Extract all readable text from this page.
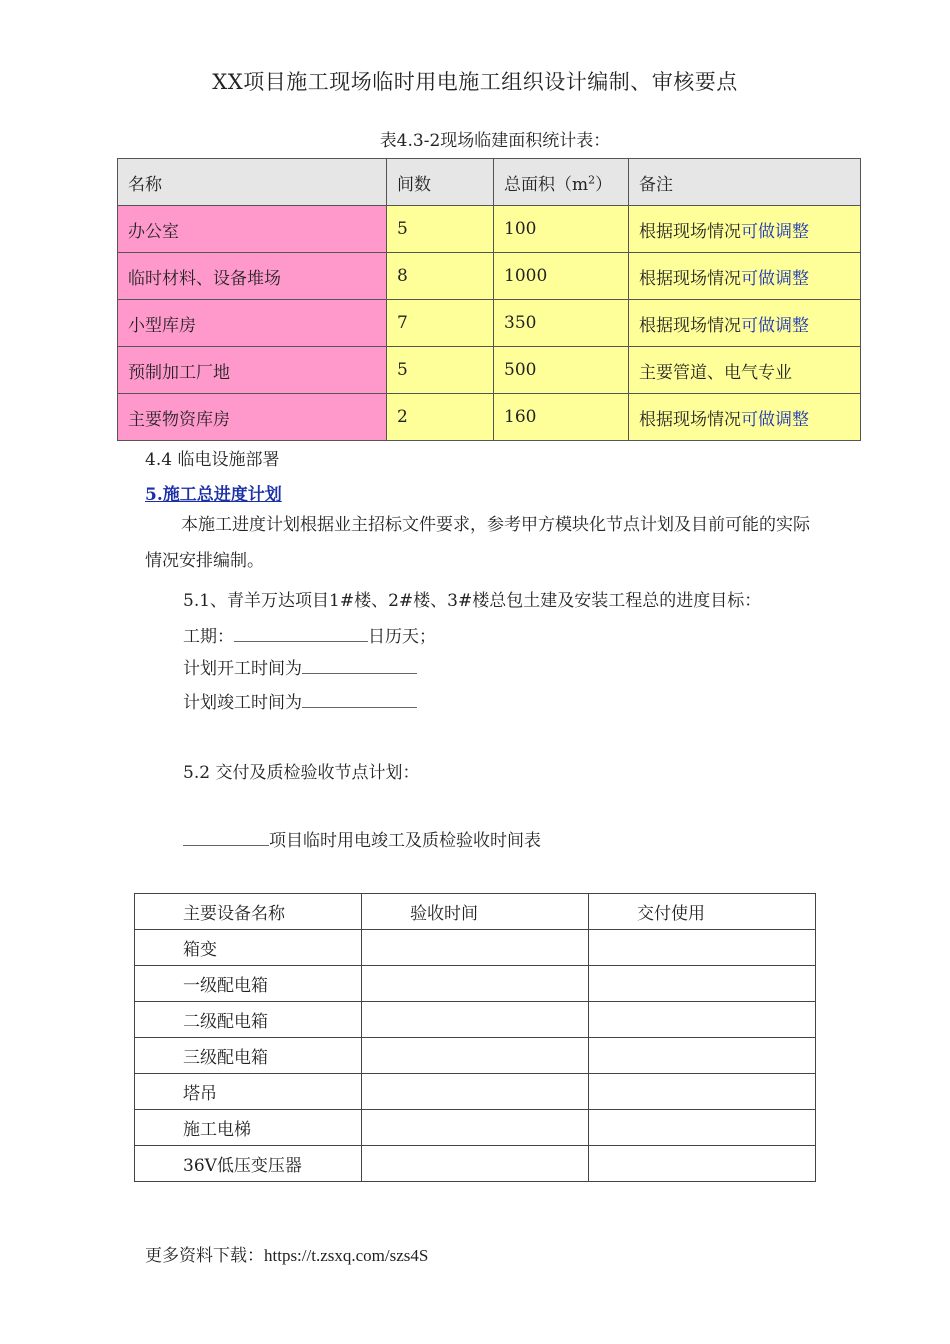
XX项目施工现场临时用电施工组织设计编制、审核要点
表4.3-2现场临建面积统计表：
名称	间数	总面积$(m^2)$	备注
办公室	5	100	根据现场情况可做调整
临时材料、设备堆场	8	1000	根据现场情况可做调整
小型库房	7	350	根据现场情况可做调整
预制加工厂地	5	500	主要管道、电气专业
主要物资库房	2	160	根据现场情况可做调整
4.4 临电设施部署
5.施工总进度计划
本施工进度计划根据业主招标文件要求，参考甲方模块化节点计划及目前可能的实际情况安排编制。
5.1、青羊万达项目1#楼、2#楼、3#楼总包土建及安装工程总的进度目标：
工期：	日历天；
计划开工时间为
计划竣工时间为
5.2 交付及质检验收节点计划：
项目临时用电竣工及质检验收时间表
主要设备名称	验收时间	交付使用
箱变		
一级配电箱		
二级配电箱		
三级配电箱		
塔吊		
施工电梯		
36V低压变压器		
更多资料下载：https://t.zsxq.com/szs4S
